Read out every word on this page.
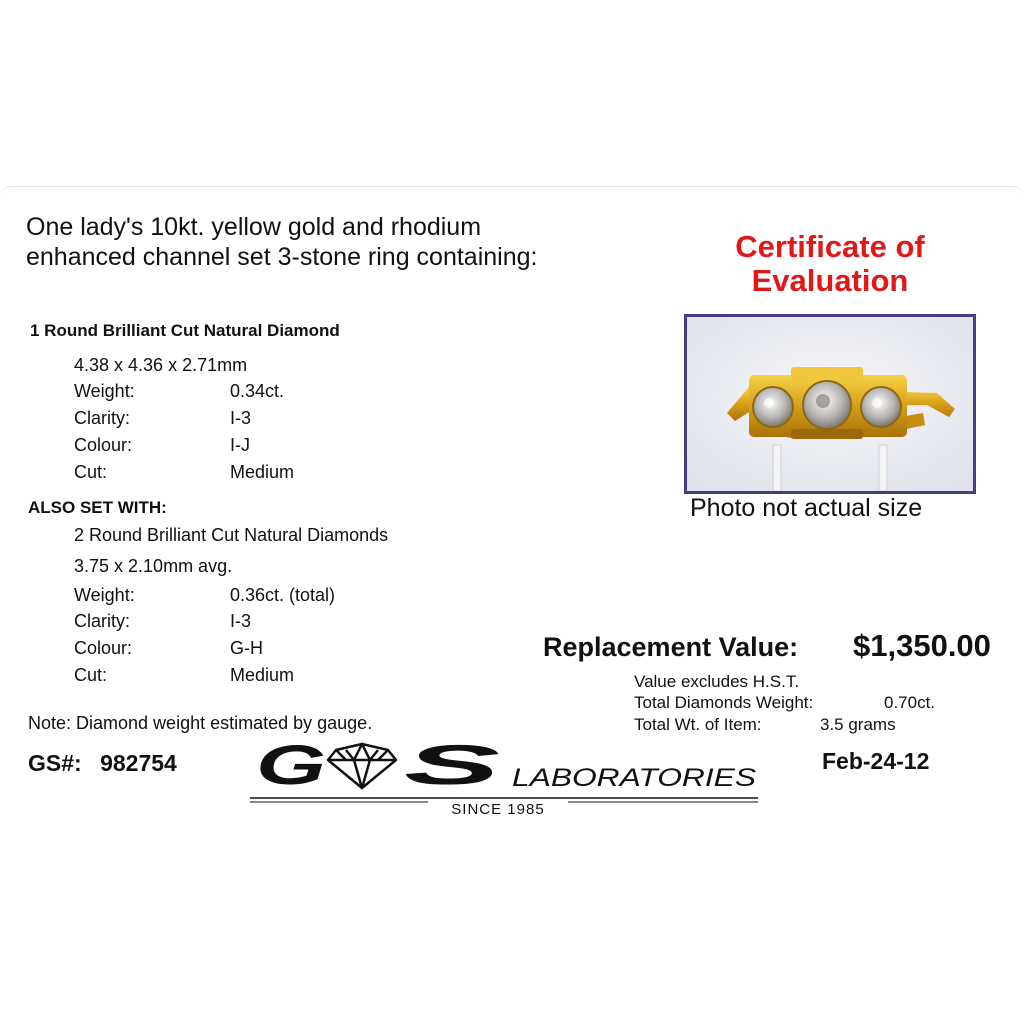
One lady's 10kt. yellow gold and rhodium
enhanced channel set 3-stone ring containing:
1 Round Brilliant Cut Natural Diamond
4.38 x 4.36 x 2.71mm
Weight:	0.34ct.
Clarity:	I-3
Colour:	I-J
Cut:	Medium
ALSO SET WITH:
2 Round Brilliant Cut Natural Diamonds
3.75 x 2.10mm avg.
Weight:	0.36ct. (total)
Clarity:	I-3
Colour:	G-H
Cut:	Medium
Note: Diamond weight estimated by gauge.
Certificate of
Evaluation
Photo not actual size
Replacement Value: $1,350.00
Value excludes H.S.T.
Total Diamonds Weight:	0.70ct.
Total Wt. of Item:	3.5 grams
GS#: 982754	Feb-24-12
G S LABORATORIES
SINCE 1985
